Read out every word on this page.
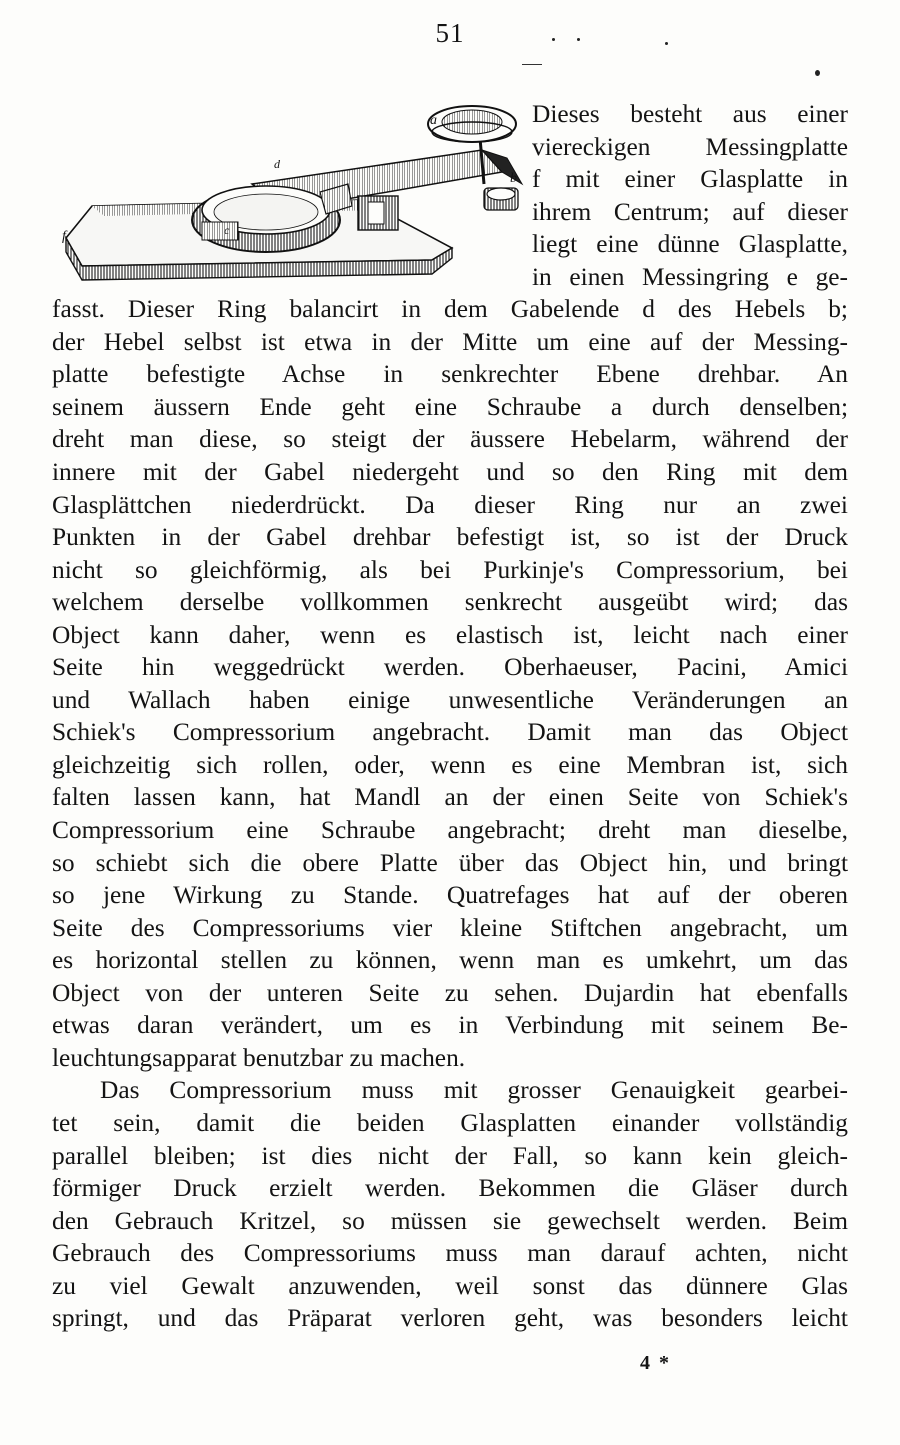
51
a
b
c
d
f
Dieses besteht aus einer
viereckigen Messingplatte
f mit einer Glasplatte in
ihrem Centrum; auf dieser
liegt eine dünne Glasplatte,
in einen Messingring e ge-
fasst. Dieser Ring balancirt in dem Gabelende d des Hebels b;
der Hebel selbst ist etwa in der Mitte um eine auf der Messing-
platte befestigte Achse in senkrechter Ebene drehbar. An
seinem äussern Ende geht eine Schraube a durch denselben;
dreht man diese, so steigt der äussere Hebelarm, während der
innere mit der Gabel niedergeht und so den Ring mit dem
Glasplättchen niederdrückt. Da dieser Ring nur an zwei
Punkten in der Gabel drehbar befestigt ist, so ist der Druck
nicht so gleichförmig, als bei Purkinje's Compressorium, bei
welchem derselbe vollkommen senkrecht ausgeübt wird; das
Object kann daher, wenn es elastisch ist, leicht nach einer
Seite hin weggedrückt werden. Oberhaeuser, Pacini, Amici
und Wallach haben einige unwesentliche Veränderungen an
Schiek's Compressorium angebracht. Damit man das Object
gleichzeitig sich rollen, oder, wenn es eine Membran ist, sich
falten lassen kann, hat Mandl an der einen Seite von Schiek's
Compressorium eine Schraube angebracht; dreht man dieselbe,
so schiebt sich die obere Platte über das Object hin, und bringt
so jene Wirkung zu Stande. Quatrefages hat auf der oberen
Seite des Compressoriums vier kleine Stiftchen angebracht, um
es horizontal stellen zu können, wenn man es umkehrt, um das
Object von der unteren Seite zu sehen. Dujardin hat ebenfalls
etwas daran verändert, um es in Verbindung mit seinem Be-
leuchtungsapparat benutzbar zu machen.
Das Compressorium muss mit grosser Genauigkeit gearbei-
tet sein, damit die beiden Glasplatten einander vollständig
parallel bleiben; ist dies nicht der Fall, so kann kein gleich-
förmiger Druck erzielt werden. Bekommen die Gläser durch
den Gebrauch Kritzel, so müssen sie gewechselt werden. Beim
Gebrauch des Compressoriums muss man darauf achten, nicht
zu viel Gewalt anzuwenden, weil sonst das dünnere Glas
springt, und das Präparat verloren geht, was besonders leicht
4 *
